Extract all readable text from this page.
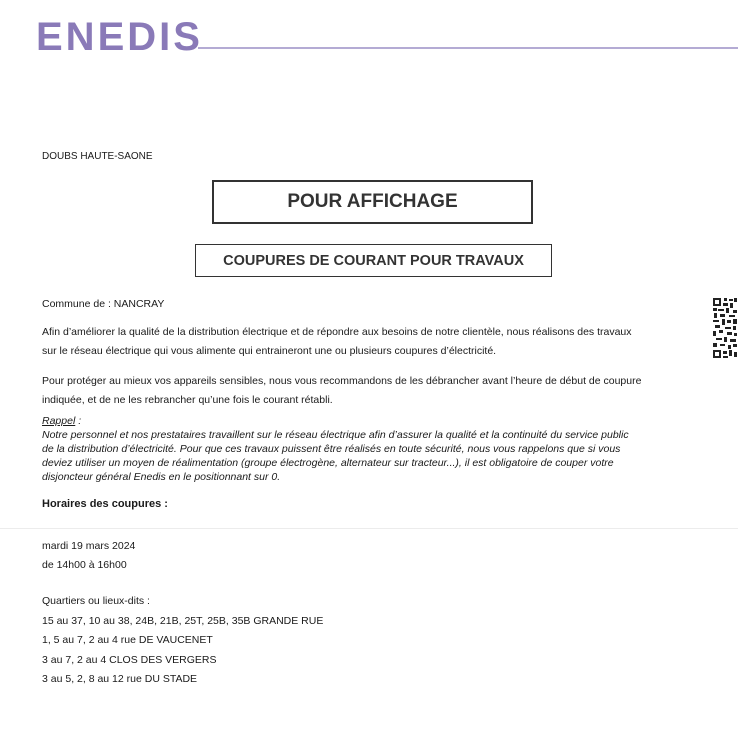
ENEDIS
DOUBS HAUTE-SAONE
POUR AFFICHAGE
COUPURES DE COURANT POUR TRAVAUX
Commune de : NANCRAY
Afin d’améliorer la qualité de la distribution électrique et de répondre aux besoins de notre clientèle, nous réalisons des travaux
sur le réseau électrique qui vous alimente qui entraineront une ou plusieurs coupures d’électricité.
Pour protéger au mieux vos appareils sensibles, nous vous recommandons de les débrancher avant l’heure de début de coupure
indiquée, et de ne les rebrancher qu’une fois le courant rétabli.
Rappel :
Notre personnel et nos prestataires travaillent sur le réseau électrique afin d’assurer la qualité et la continuité du service public
de la distribution d’électricité. Pour que ces travaux puissent être réalisés en toute sécurité, nous vous rappelons que si vous
deviez utiliser un moyen de réalimentation (groupe électrogène, alternateur sur tracteur...), il est obligatoire de couper votre
disjoncteur général Enedis en le positionnant sur 0.
Horaires des coupures :
mardi 19 mars 2024
de 14h00 à 16h00
Quartiers ou lieux-dits :
15 au 37, 10 au 38, 24B, 21B, 25T, 25B, 35B GRANDE RUE
1, 5 au 7, 2 au 4 rue DE VAUCENET
3 au 7, 2 au 4 CLOS DES VERGERS
3 au 5, 2, 8 au 12 rue DU STADE
